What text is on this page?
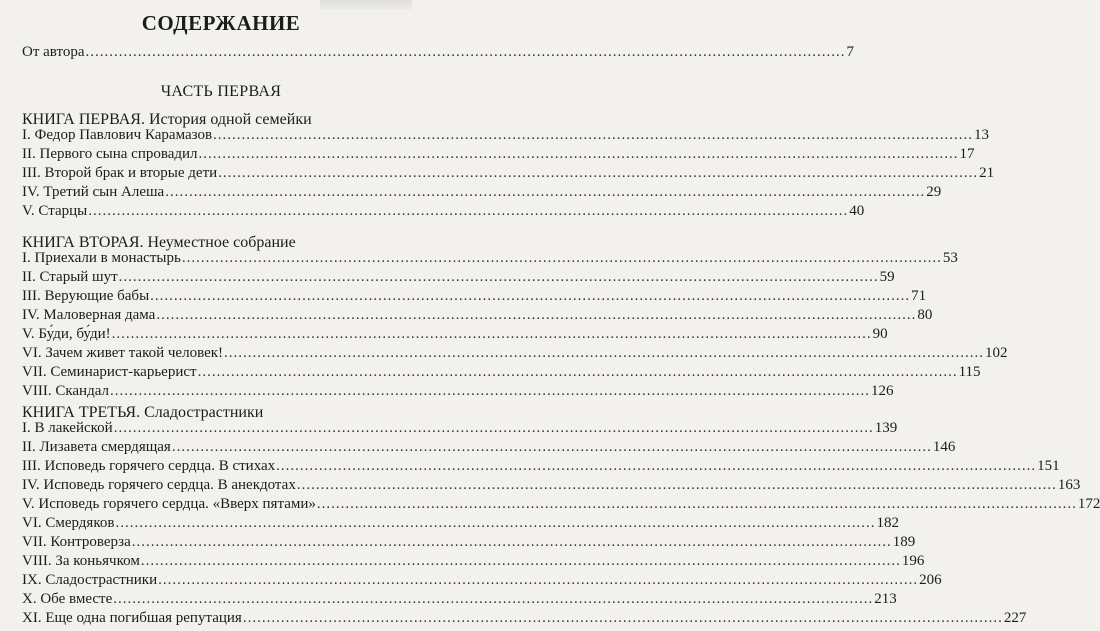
СОДЕРЖАНИЕ
От автора ................................................................................................................................................................ 7
ЧАСТЬ ПЕРВАЯ
КНИГА ПЕРВАЯ. История одной семейки
I. Федор Павлович Карамазов ................................................................................................................................................................ 13
II. Первого сына спровадил ................................................................................................................................................................ 17
III. Второй брак и вторые дети ................................................................................................................................................................ 21
IV. Третий сын Алеша ................................................................................................................................................................ 29
V. Старцы ................................................................................................................................................................ 40
КНИГА ВТОРАЯ. Неуместное собрание
I. Приехали в монастырь ................................................................................................................................................................ 53
II. Старый шут ................................................................................................................................................................ 59
III. Верующие бабы ................................................................................................................................................................ 71
IV. Маловерная дама ................................................................................................................................................................ 80
V. Бу́ди, бу́ди! ................................................................................................................................................................ 90
VI. Зачем живет такой человек! ................................................................................................................................................................ 102
VII. Семинарист-карьерист ................................................................................................................................................................ 115
VIII. Скандал ................................................................................................................................................................ 126
КНИГА ТРЕТЬЯ. Сладострастники
I. В лакейской ................................................................................................................................................................ 139
II. Лизавета смердящая ................................................................................................................................................................ 146
III. Исповедь горячего сердца. В стихах ................................................................................................................................................................ 151
IV. Исповедь горячего сердца. В анекдотах ................................................................................................................................................................ 163
V. Исповедь горячего сердца. «Вверх пятами» ................................................................................................................................................................ 172
VI. Смердяков ................................................................................................................................................................ 182
VII. Контроверза ................................................................................................................................................................ 189
VIII. За коньячком ................................................................................................................................................................ 196
IX. Сладострастники ................................................................................................................................................................ 206
X. Обе вместе ................................................................................................................................................................ 213
XI. Еще одна погибшая репутация ................................................................................................................................................................ 227
